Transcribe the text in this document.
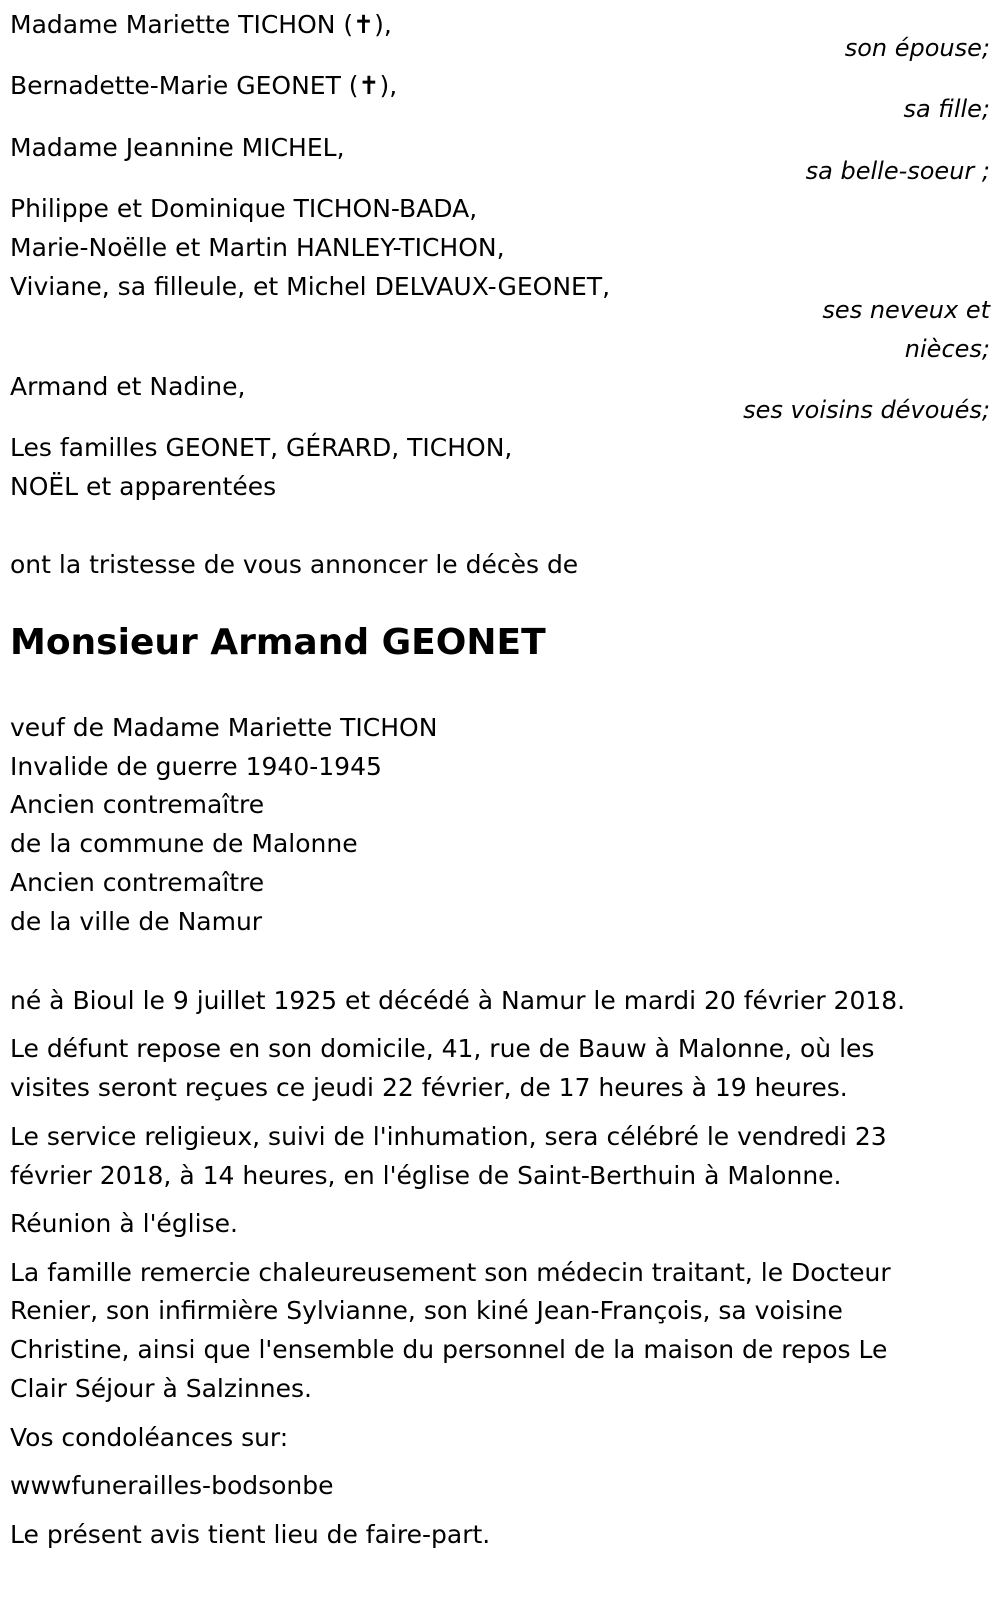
Madame Mariette TICHON (✝),
son épouse;
Bernadette-Marie GEONET (✝),
sa fille;
Madame Jeannine MICHEL,
sa belle-soeur ;
Philippe et Dominique TICHON-BADA,
Marie-Noëlle et Martin HANLEY-TICHON,
Viviane, sa filleule, et Michel DELVAUX-GEONET,
ses neveux et
nièces;
Armand et Nadine,
ses voisins dévoués;
Les familles GEONET, GÉRARD, TICHON,
NOËL et apparentées
ont la tristesse de vous annoncer le décès de
Monsieur Armand GEONET
veuf de Madame Mariette TICHON
Invalide de guerre 1940-1945
Ancien contremaître
de la commune de Malonne
Ancien contremaître
de la ville de Namur
né à Bioul le 9 juillet 1925 et décédé à Namur le mardi 20 février 2018.
Le défunt repose en son domicile, 41, rue de Bauw à Malonne, où les
visites seront reçues ce jeudi 22 février, de 17 heures à 19 heures.
Le service religieux, suivi de l'inhumation, sera célébré le vendredi 23
février 2018, à 14 heures, en l'église de Saint-Berthuin à Malonne.
Réunion à l'église.
La famille remercie chaleureusement son médecin traitant, le Docteur
Renier, son infirmière Sylvianne, son kiné Jean-François, sa voisine
Christine, ainsi que l'ensemble du personnel de la maison de repos Le
Clair Séjour à Salzinnes.
Vos condoléances sur:
wwwfunerailles-bodsonbe
Le présent avis tient lieu de faire-part.
